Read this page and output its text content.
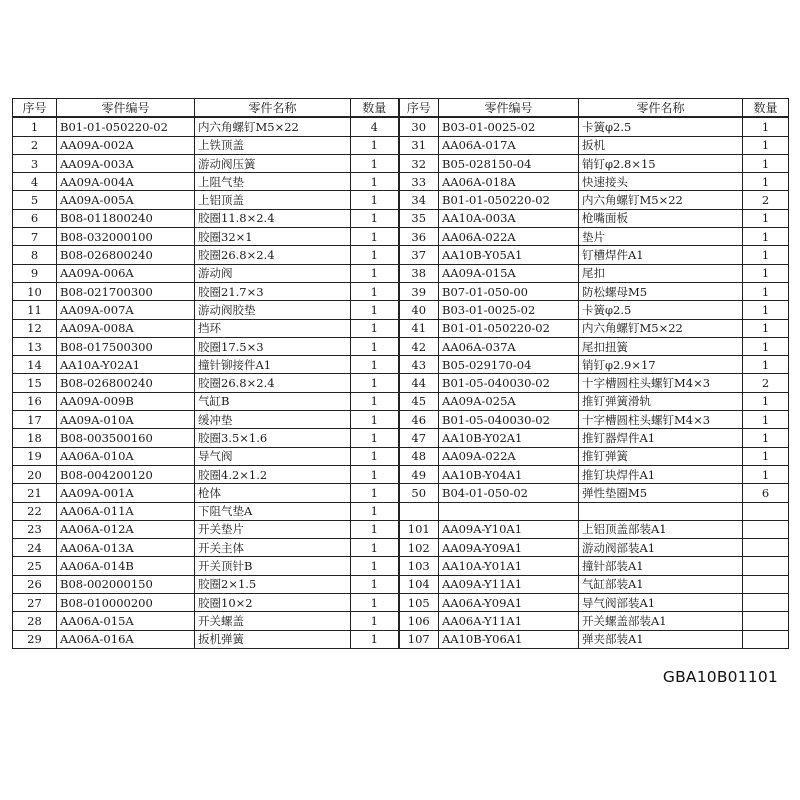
序号	零件编号	零件名称	数量	序号	零件编号	零件名称	数量
1	B01-01-050220-02	内六角螺钉M5×22	4	30	B03-01-0025-02	卡簧φ2.5	1
2	AA09A-002A	上铁顶盖	1	31	AA06A-017A	扳机	1
3	AA09A-003A	游动阀压簧	1	32	B05-028150-04	销钉φ2.8×15	1
4	AA09A-004A	上阻气垫	1	33	AA06A-018A	快速接头	1
5	AA09A-005A	上铝顶盖	1	34	B01-01-050220-02	内六角螺钉M5×22	2
6	B08-011800240	胶圈11.8×2.4	1	35	AA10A-003A	枪嘴面板	1
7	B08-032000100	胶圈32×1	1	36	AA06A-022A	垫片	1
8	B08-026800240	胶圈26.8×2.4	1	37	AA10B-Y05A1	钉槽焊件A1	1
9	AA09A-006A	游动阀	1	38	AA09A-015A	尾扣	1
10	B08-021700300	胶圈21.7×3	1	39	B07-01-050-00	防松螺母M5	1
11	AA09A-007A	游动阀胶垫	1	40	B03-01-0025-02	卡簧φ2.5	1
12	AA09A-008A	挡环	1	41	B01-01-050220-02	内六角螺钉M5×22	1
13	B08-017500300	胶圈17.5×3	1	42	AA06A-037A	尾扣扭簧	1
14	AA10A-Y02A1	撞针铆接件A1	1	43	B05-029170-04	销钉φ2.9×17	1
15	B08-026800240	胶圈26.8×2.4	1	44	B01-05-040030-02	十字槽圆柱头螺钉M4×3	2
16	AA09A-009B	气缸B	1	45	AA09A-025A	推钉弹簧滑轨	1
17	AA09A-010A	缓冲垫	1	46	B01-05-040030-02	十字槽圆柱头螺钉M4×3	1
18	B08-003500160	胶圈3.5×1.6	1	47	AA10B-Y02A1	推钉器焊件A1	1
19	AA06A-010A	导气阀	1	48	AA09A-022A	推钉弹簧	1
20	B08-004200120	胶圈4.2×1.2	1	49	AA10B-Y04A1	推钉块焊件A1	1
21	AA09A-001A	枪体	1	50	B04-01-050-02	弹性垫圈M5	6
22	AA06A-011A	下阻气垫A	1				
23	AA06A-012A	开关垫片	1	101	AA09A-Y10A1	上铝顶盖部装A1	
24	AA06A-013A	开关主体	1	102	AA09A-Y09A1	游动阀部装A1	
25	AA06A-014B	开关顶针B	1	103	AA10A-Y01A1	撞针部装A1	
26	B08-002000150	胶圈2×1.5	1	104	AA09A-Y11A1	气缸部装A1	
27	B08-010000200	胶圈10×2	1	105	AA06A-Y09A1	导气阀部装A1	
28	AA06A-015A	开关螺盖	1	106	AA06A-Y11A1	开关螺盖部装A1	
29	AA06A-016A	扳机弹簧	1	107	AA10B-Y06A1	弹夹部装A1	
GBA10B01101
